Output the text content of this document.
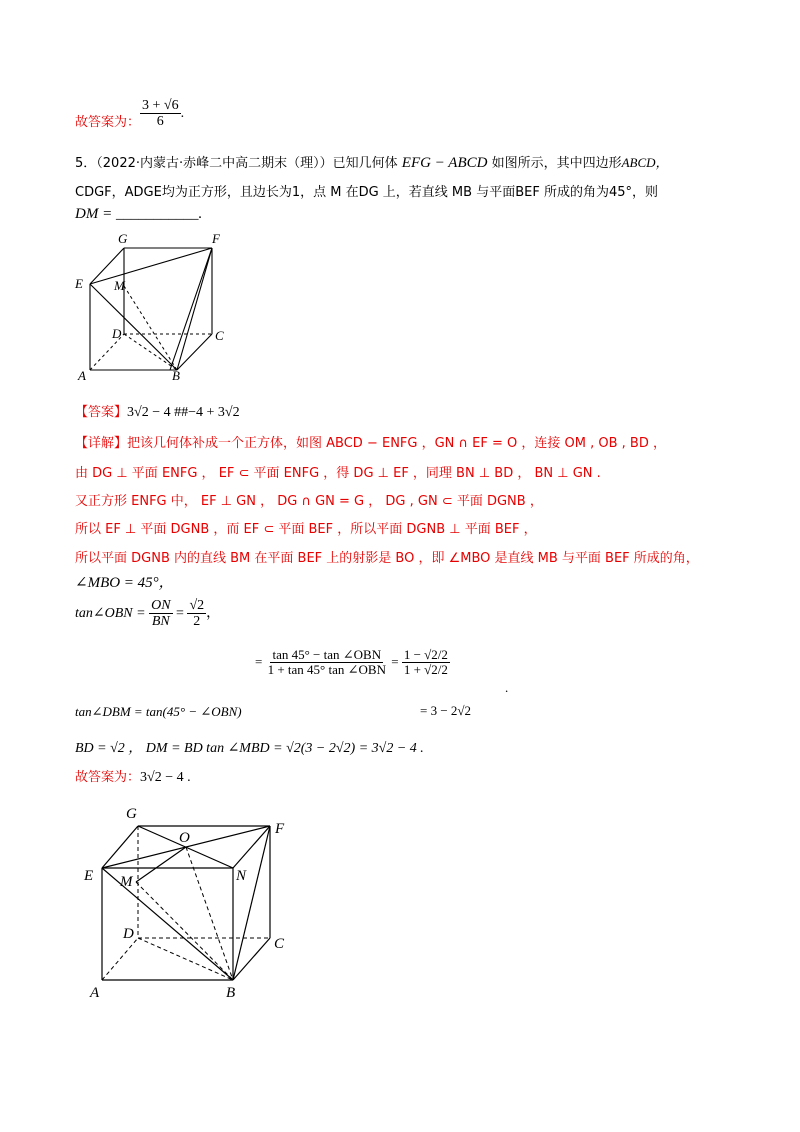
故答案为： $\frac{3 + √6}{6}$ .
5．（2022·内蒙古·赤峰二中高二期末（理））已知几何体 EFG − ABCD 如图所示，其中四边形ABCD，
CDGF，ADGE均为正方形，且边长为1，点 M 在DG 上，若直线 MB 与平面BEF 所成的角为45°，则
DM = ___________.
G	F
E M
D	C
A	B
【答案】3√2 − 4 ##−4 + 3√2
【详解】把该几何体补成一个正方体，如图 ABCD − ENFG ，GN ∩ EF = O ，连接 OM , OB , BD ，
由 DG ⊥ 平面 ENFG ， EF ⊂ 平面 ENFG ，得 DG ⊥ EF ，同理 BN ⊥ BD ， BN ⊥ GN .
又正方形 ENFG 中， EF ⊥ GN ， DG ∩ GN = G ， DG , GN ⊂ 平面 DGNB ，
所以 EF ⊥ 平面 DGNB ，而 EF ⊂ 平面 BEF ，所以平面 DGNB ⊥ 平面 BEF ，
所以平面 DGNB 内的直线 BM 在平面 BEF 上的射影是 BO ，即 ∠MBO 是直线 MB 与平面 BEF 所成的角，
∠MBO = 45°，
tan∠OBN = $\frac{ON}{BN} = \frac{√2}{2}$ ，
= $\frac{\text{tan 45° − tan ∠OBN}}{\text{1 + tan 45° tan ∠OBN}} = \frac{1 - √2/2}{1 + √2/2}$
= 3 − 2√2
.
tan∠DBM = tan(45° − ∠OBN)
BD = √2 ， DM = BD tan ∠MBD = √2(3 − 2√2) = 3√2 − 4 .
故答案为：3√2 − 4 .
G
O
F
E M	N
D
C
A	B
